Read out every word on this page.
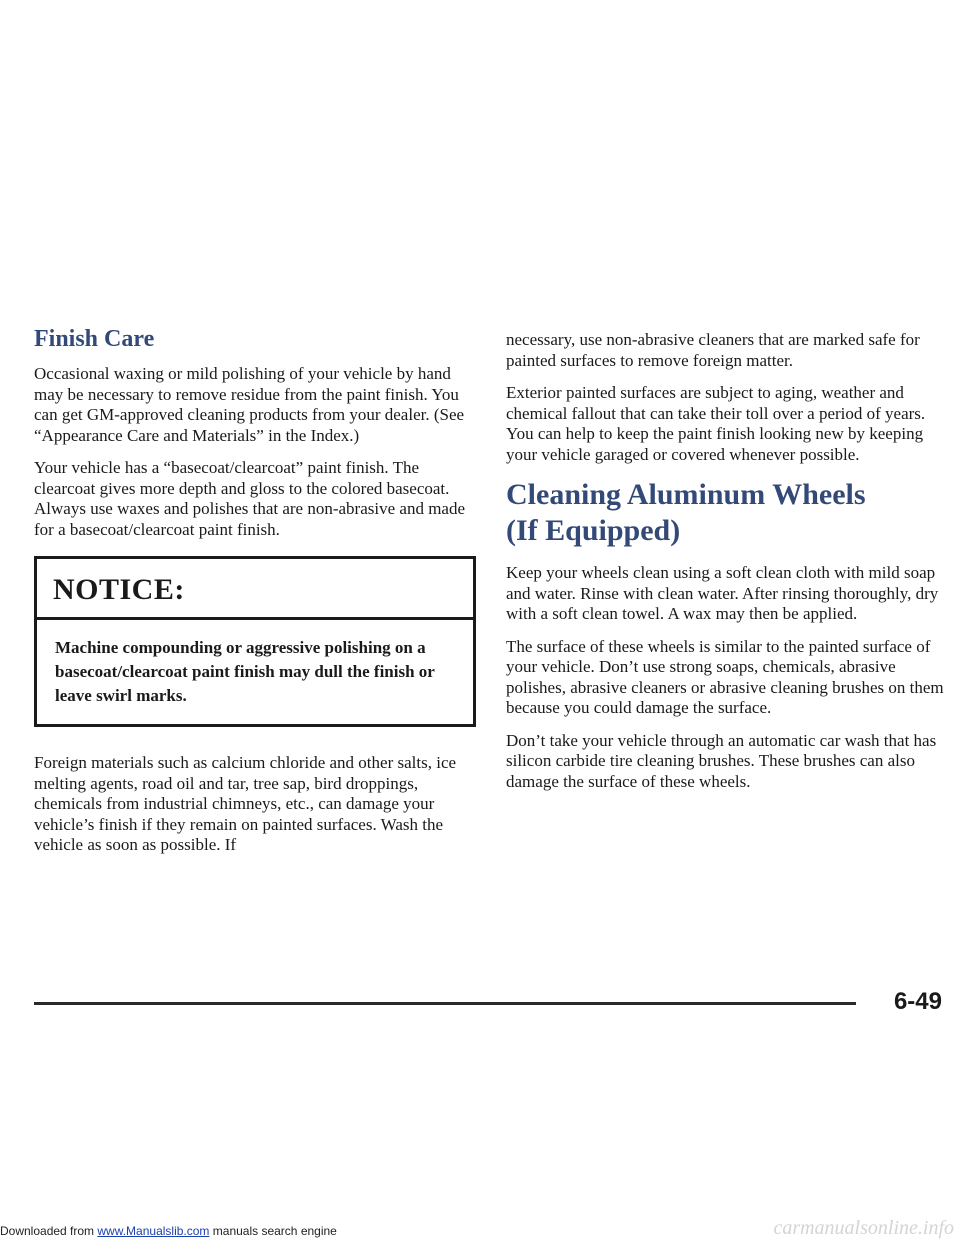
Finish Care

Occasional waxing or mild polishing of your vehicle by hand may be necessary to remove residue from the paint finish. You can get GM-approved cleaning products from your dealer. (See “Appearance Care and Materials” in the Index.)

Your vehicle has a “basecoat/clearcoat” paint finish. The clearcoat gives more depth and gloss to the colored basecoat. Always use waxes and polishes that are non-abrasive and made for a basecoat/clearcoat paint finish.

NOTICE:
Machine compounding or aggressive polishing on a basecoat/clearcoat paint finish may dull the finish or leave swirl marks.

Foreign materials such as calcium chloride and other salts, ice melting agents, road oil and tar, tree sap, bird droppings, chemicals from industrial chimneys, etc., can damage your vehicle’s finish if they remain on painted surfaces. Wash the vehicle as soon as possible. If

necessary, use non-abrasive cleaners that are marked safe for painted surfaces to remove foreign matter.

Exterior painted surfaces are subject to aging, weather and chemical fallout that can take their toll over a period of years. You can help to keep the paint finish looking new by keeping your vehicle garaged or covered whenever possible.

Cleaning Aluminum Wheels
(If Equipped)

Keep your wheels clean using a soft clean cloth with mild soap and water. Rinse with clean water. After rinsing thoroughly, dry with a soft clean towel. A wax may then be applied.

The surface of these wheels is similar to the painted surface of your vehicle. Don’t use strong soaps, chemicals, abrasive polishes, abrasive cleaners or abrasive cleaning brushes on them because you could damage the surface.

Don’t take your vehicle through an automatic car wash that has silicon carbide tire cleaning brushes. These brushes can also damage the surface of these wheels.

6-49
Downloaded from www.Manualslib.com manuals search engine	carmanualsonline.info
